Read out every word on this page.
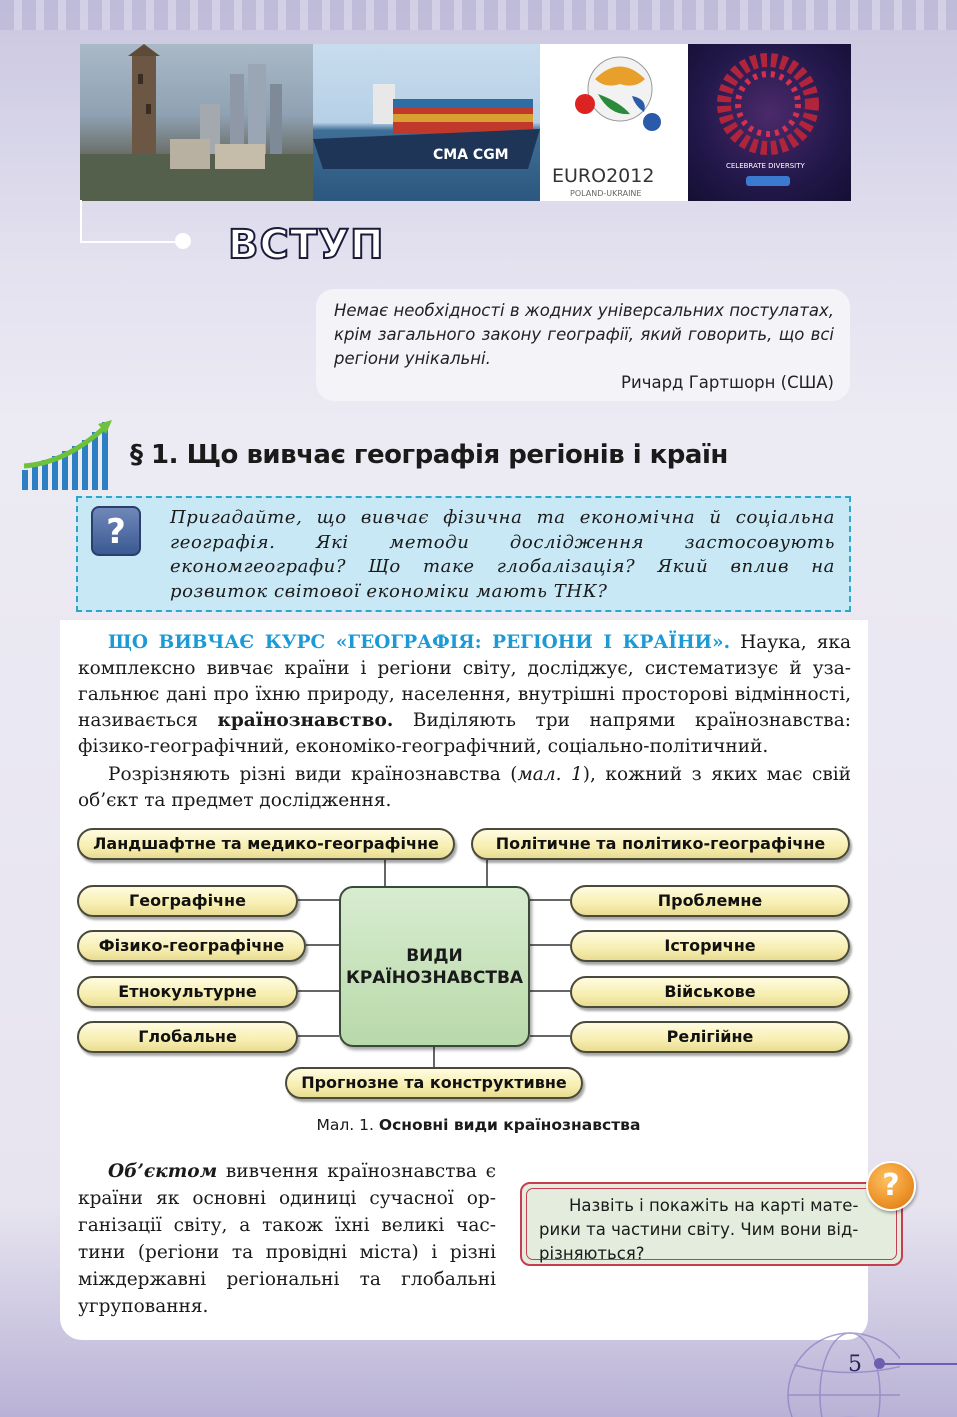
CMA CGM
EURO2012
POLAND-UKRAINE
CELEBRATE DIVERSITY
ВСТУП
Немає необхідності в жодних універсальних постулатах, крім загального закону географії, який говорить, що всі регіони унікальні.
Ричард Гартшорн (США)
§ 1. Що вивчає географія регіонів і країн
?	Пригадайте, що вивчає фізична та економічна й соціальна географія. Які методи дослідження застосовують економгеографи? Що таке глобалізація? Який вплив на розвиток світової економіки мають ТНК?
ЩО ВИВЧАЄ КУРС «ГЕОГРАФІЯ: РЕГІОНИ І КРАЇНИ». Наука, яка комплексно вивчає країни і регіони світу, досліджує, систематизує й узагальнює дані про їхню природу, населення, внутрішні просторові відмінності, називається країнознавство. Виділяють три напрями країнознавства: фізико-географічний, економіко-географічний, соціально-політичний.
Розрізняють різні види країнознавства (мал. 1), кожний з яких має свій об’єкт та предмет дослідження.
Ландшафтне та медико-географічне	Політичне та політико-географічне
Географічне
Фізико-географічне
Етнокультурне
Глобальне
Проблемне
Історичне
Військове
Релігійне
ВИДИ
КРАЇНОЗНАВСТВА
Прогнозне та конструктивне
Мал. 1. Основні види країнознавства
Об’єктом вивчення країнознавства є країни як основні одиниці сучасної організації світу, а також їхні великі частини (регіони та провідні міста) і різні міждержавні регіональні та глобальні угруповання.
Назвіть і покажіть на карті материки та частини світу. Чим вони відрізняються?
?
5
